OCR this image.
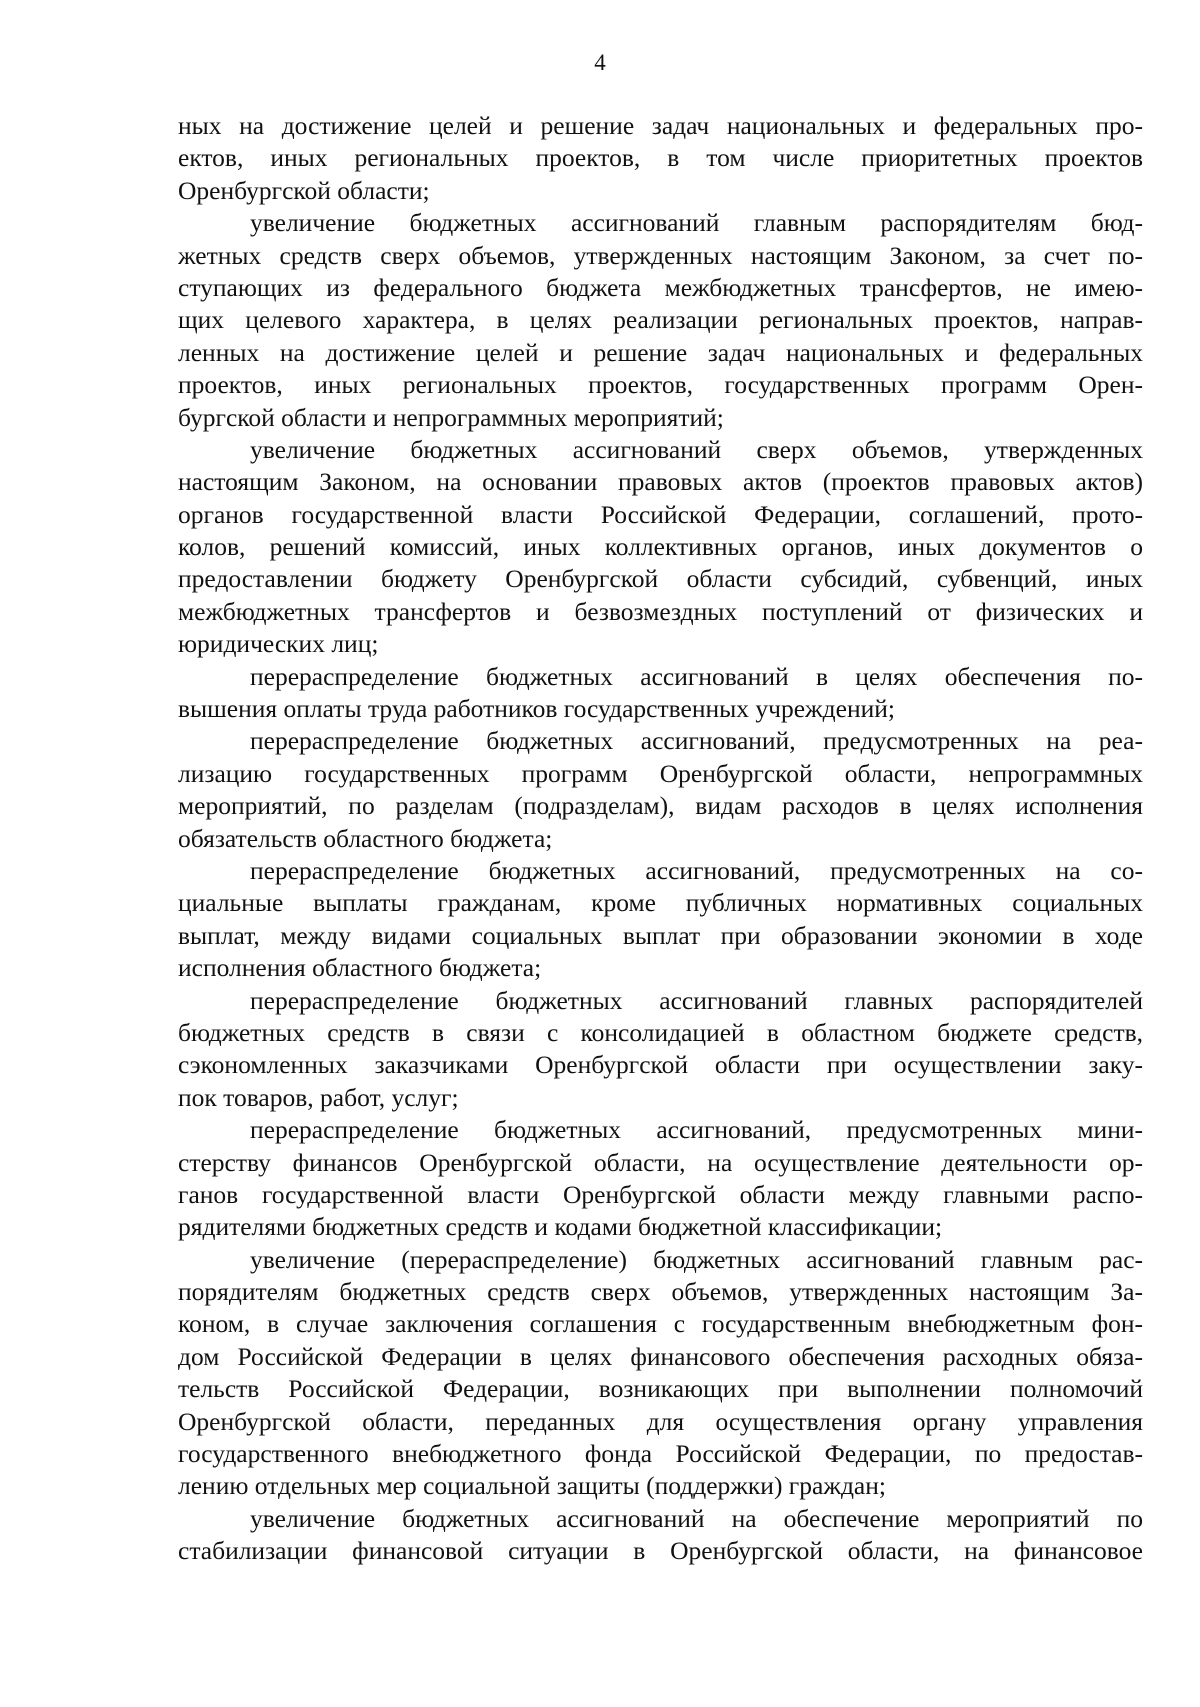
4
ных на достижение целей и решение задач национальных и федеральных про-
ектов, иных региональных проектов, в том числе приоритетных проектов
Оренбургской области;
увеличение бюджетных ассигнований главным распорядителям бюд-
жетных средств сверх объемов, утвержденных настоящим Законом, за счет по-
ступающих из федерального бюджета межбюджетных трансфертов, не имею-
щих целевого характера, в целях реализации региональных проектов, направ-
ленных на достижение целей и решение задач национальных и федеральных
проектов, иных региональных проектов, государственных программ Орен-
бургской области и непрограммных мероприятий;
увеличение бюджетных ассигнований сверх объемов, утвержденных
настоящим Законом, на основании правовых актов (проектов правовых актов)
органов государственной власти Российской Федерации, соглашений, прото-
колов, решений комиссий, иных коллективных органов, иных документов о
предоставлении бюджету Оренбургской области субсидий, субвенций, иных
межбюджетных трансфертов и безвозмездных поступлений от физических и
юридических лиц;
перераспределение бюджетных ассигнований в целях обеспечения по-
вышения оплаты труда работников государственных учреждений;
перераспределение бюджетных ассигнований, предусмотренных на реа-
лизацию государственных программ Оренбургской области, непрограммных
мероприятий, по разделам (подразделам), видам расходов в целях исполнения
обязательств областного бюджета;
перераспределение бюджетных ассигнований, предусмотренных на со-
циальные выплаты гражданам, кроме публичных нормативных социальных
выплат, между видами социальных выплат при образовании экономии в ходе
исполнения областного бюджета;
перераспределение бюджетных ассигнований главных распорядителей
бюджетных средств в связи с консолидацией в областном бюджете средств,
сэкономленных заказчиками Оренбургской области при осуществлении заку-
пок товаров, работ, услуг;
перераспределение бюджетных ассигнований, предусмотренных мини-
стерству финансов Оренбургской области, на осуществление деятельности ор-
ганов государственной власти Оренбургской области между главными распо-
рядителями бюджетных средств и кодами бюджетной классификации;
увеличение (перераспределение) бюджетных ассигнований главным рас-
порядителям бюджетных средств сверх объемов, утвержденных настоящим За-
коном, в случае заключения соглашения с государственным внебюджетным фон-
дом Российской Федерации в целях финансового обеспечения расходных обяза-
тельств Российской Федерации, возникающих при выполнении полномочий
Оренбургской области, переданных для осуществления органу управления
государственного внебюджетного фонда Российской Федерации, по предостав-
лению отдельных мер социальной защиты (поддержки) граждан;
увеличение бюджетных ассигнований на обеспечение мероприятий по
стабилизации финансовой ситуации в Оренбургской области, на финансовое
